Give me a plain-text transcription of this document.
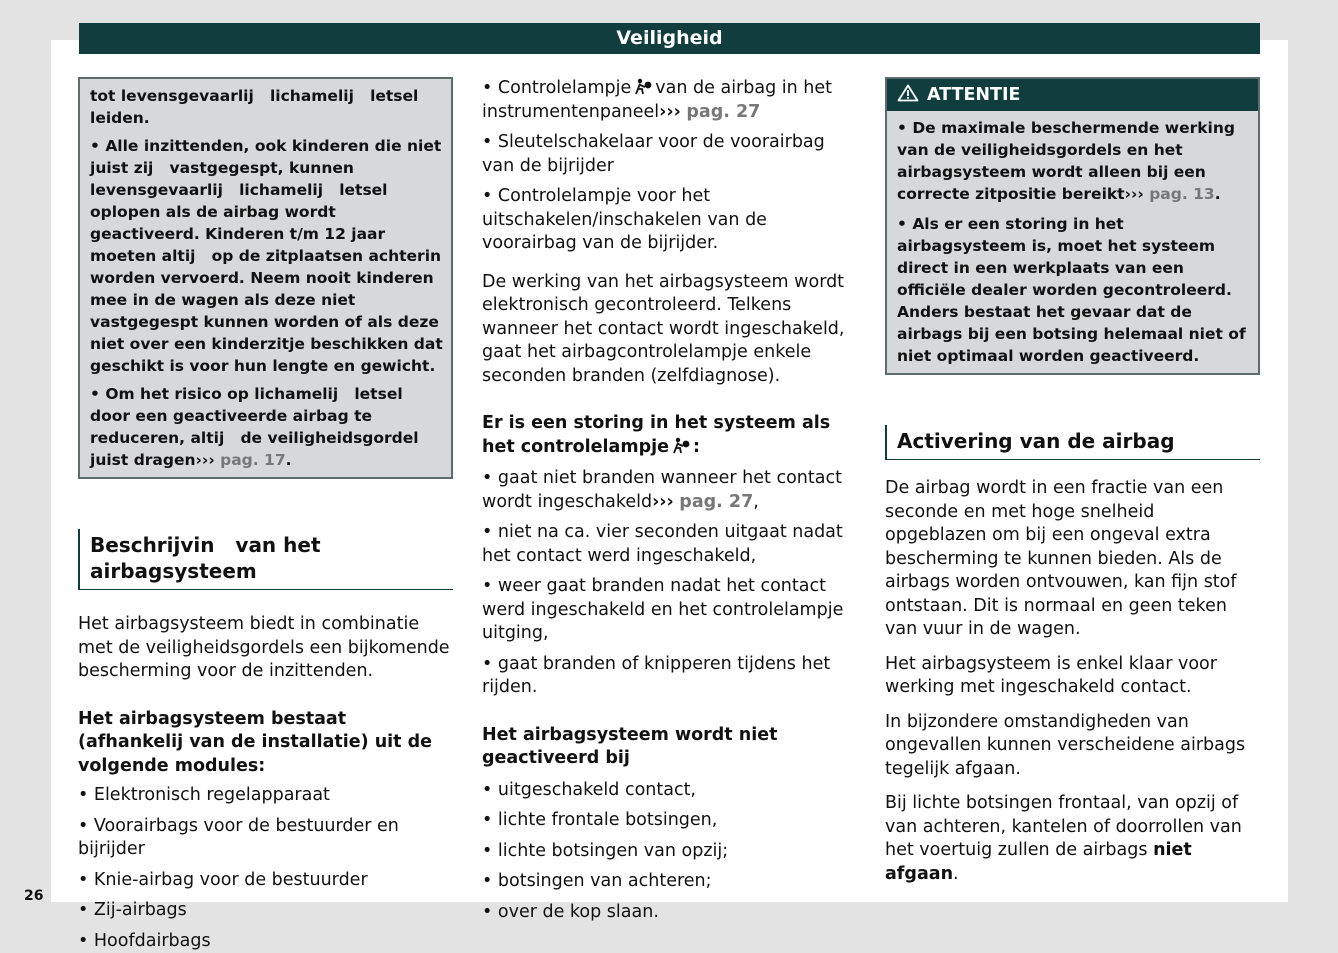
Veiligheid

tot levensgevaarlij   lichamelij   letsel leiden.

• Alle inzittenden, ook kinderen die niet juist zij   vastgegespt, kunnen levensgevaarlij   lichamelij   letsel oplopen als de airbag wordt geactiveerd. Kinderen t/m 12 jaar moeten altij   op de zitplaatsen achterin worden vervoerd. Neem nooit kinderen mee in de wagen als deze niet vastgegespt kunnen worden of als deze niet over een kinderzitje beschikken dat geschikt is voor hun lengte en gewicht.

• Om het risico op lichamelij   letsel door een geactiveerde airbag te reduceren, altij   de veiligheidsgordel juist dragen››› pag. 17.

Beschrijvin   van het airbagsysteem

Het airbagsysteem biedt in combinatie met de veiligheidsgordels een bijkomende bescherming voor de inzittenden.

Het airbagsysteem bestaat (afhankelij van de installatie) uit de volgende modules:

• Elektronisch regelapparaat
• Voorairbags voor de bestuurder en bijrijder
• Knie-airbag voor de bestuurder
• Zij-airbags
• Hoofdairbags
• Controlelampje van de airbag in het instrumentenpaneel››› pag. 27
• Sleutelschakelaar voor de voorairbag van de bijrijder
• Controlelampje voor het uitschakelen/inschakelen van de voorairbag van de bijrijder.

De werking van het airbagsysteem wordt elektronisch gecontroleerd. Telkens wanneer het contact wordt ingeschakeld, gaat het airbagcontrolelampje enkele seconden branden (zelfdiagnose).

Er is een storing in het systeem als het controlelampje :

• gaat niet branden wanneer het contact wordt ingeschakeld››› pag. 27,
• niet na ca. vier seconden uitgaat nadat het contact werd ingeschakeld,
• weer gaat branden nadat het contact werd ingeschakeld en het controlelampje uitging,
• gaat branden of knipperen tijdens het rijden.

Het airbagsysteem wordt niet geactiveerd bij

• uitgeschakeld contact,
• lichte frontale botsingen,
• lichte botsingen van opzij;
• botsingen van achteren;
• over de kop slaan.
ATTENTIE

• De maximale beschermende werking van de veiligheidsgordels en het airbagsysteem wordt alleen bij een correcte zitpositie bereikt››› pag. 13.

• Als er een storing in het airbagsysteem is, moet het systeem direct in een werkplaats van een officiële dealer worden gecontroleerd. Anders bestaat het gevaar dat de airbags bij een botsing helemaal niet of niet optimaal worden geactiveerd.

Activering van de airbag

De airbag wordt in een fractie van een seconde en met hoge snelheid opgeblazen om bij een ongeval extra bescherming te kunnen bieden. Als de airbags worden ontvouwen, kan fijn stof ontstaan. Dit is normaal en geen teken van vuur in de wagen.

Het airbagsysteem is enkel klaar voor werking met ingeschakeld contact.

In bijzondere omstandigheden van ongevallen kunnen verscheidene airbags tegelijk afgaan.

Bij lichte botsingen frontaal, van opzij of van achteren, kantelen of doorrollen van het voertuig zullen de airbags niet afgaan.

26
